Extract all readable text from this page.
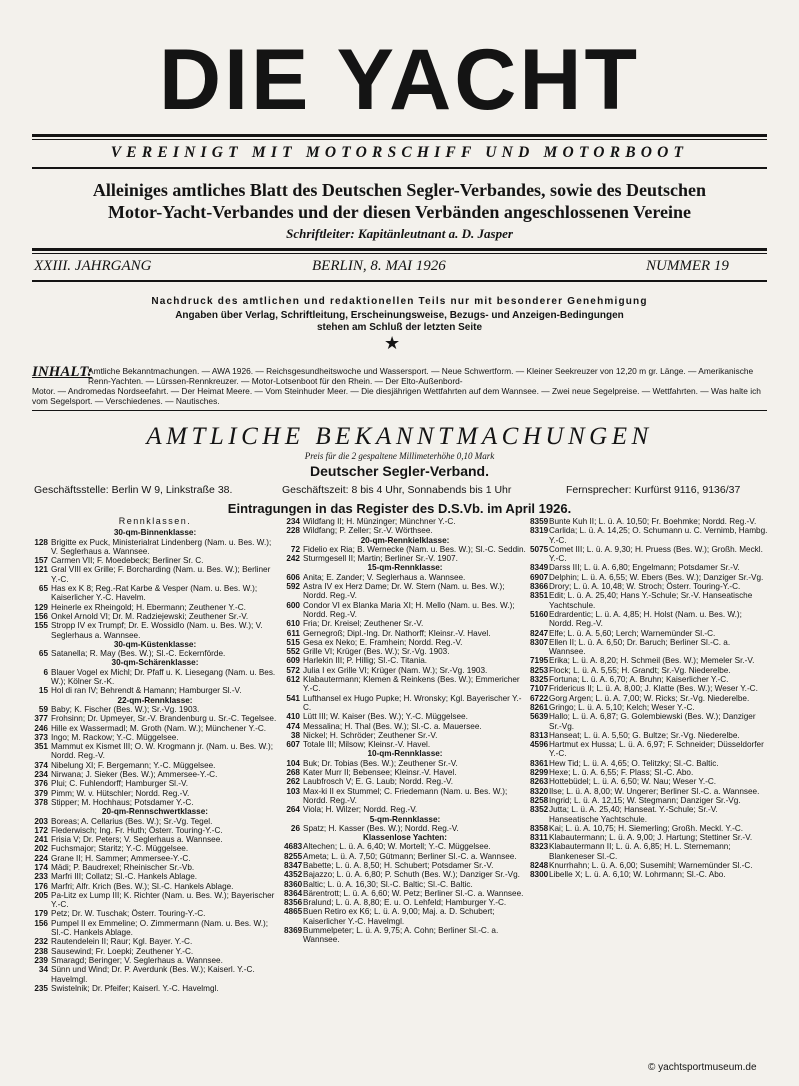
DIE YACHT
VEREINIGT MIT MOTORSCHIFF UND MOTORBOOT
Alleiniges amtliches Blatt des Deutschen Segler-Verbandes, sowie des Deutschen
Motor-Yacht-Verbandes und der diesen Verbänden angeschlossenen Vereine
Schriftleiter: Kapitänleutnant a. D. Jasper
XXIII. JAHRGANG	BERLIN, 8. MAI 1926	NUMMER 19
Nachdruck des amtlichen und redaktionellen Teils nur mit besonderer Genehmigung
Angaben über Verlag, Schriftleitung, Erscheinungsweise, Bezugs- und Anzeigen-Bedingungen
stehen am Schluß der letzten Seite
★
INHALT:
Amtliche Bekanntmachungen. — AWA 1926. — Reichsgesundheitswoche und Wassersport. — Neue Schwertform. — Kleiner Seekreuzer von 12,20 m gr. Länge. — Amerikanische Renn-Yachten. — Lürssen-Rennkreuzer. — Motor-Lotsenboot für den Rhein. — Der Elto-Außenbord-
Motor. — Andromedas Nordseefahrt. — Der Heimat Meere. — Vom Steinhuder Meer. — Die diesjährigen Wettfahrten auf dem Wannsee. — Zwei neue Segelpreise. — Wettfahrten. — Was halte ich vom Segelsport. — Verschiedenes. — Nautisches.
AMTLICHE BEKANNTMACHUNGEN
Preis für die 2 gespaltene Millimeterhöhe 0,10 Mark
Deutscher Segler-Verband.
Geschäftsstelle: Berlin W 9, Linkstraße 38.	Geschäftszeit: 8 bis 4 Uhr, Sonnabends bis 1 Uhr	Fernsprecher: Kurfürst 9116, 9136/37
Eintragungen in das Register des D.S.Vb. im April 1926.
Rennklassen.
30-qm-Binnenklasse:
128 Brigitte ex Puck, Ministerialrat Lindenberg (Nam. u. Bes. W.); V. Seglerhaus a. Wannsee.
157 Carmen VII; F. Moedebeck; Berliner Sr. C.
121 Gral VIII ex Grille; F. Borcharding (Nam. u. Bes. W.); Berliner Y.-C.
65 Has ex K 8; Reg.-Rat Karbe & Vesper (Nam. u. Bes. W.); Kaiserlicher Y.-C. Havelm.
129 Heinerle ex Rheingold; H. Ebermann; Zeuthener Y.-C.
156 Onkel Arnold VI; Dr. M. Radziejewski; Zeuthener Sr.-V.
155 Stropp IV ex Trumpf; Dr. E. Wossidlo (Nam. u. Bes. W.); V. Seglerhaus a. Wannsee.
30-qm-Küstenklasse:
65 Satanella; R. May (Bes. W.); Sl.-C. Eckernförde.
30-qm-Schärenklasse:
6 Blauer Vogel ex Michl; Dr. Pfaff u. K. Liesegang (Nam. u. Bes. W.); Kölner Sr.-K.
15 Hol di ran IV; Behrendt & Hamann; Hamburger Sl.-V.
22-qm-Rennklasse:
59 Baby; K. Fischer (Bes. W.); Sr.-Vg. 1903.
377 Frohsinn; Dr. Upmeyer, Sr.-V. Brandenburg u. Sr.-C. Tegelsee.
246 Hille ex Wassermadl; M. Groth (Nam. W.); Münchener Y.-C.
373 Ingo; M. Rackow; Y.-C. Müggelsee.
351 Mammut ex Kismet III; O. W. Krogmann jr. (Nam. u. Bes. W.); Nordd. Reg.-V.
374 Nibelung XI; F. Bergemann; Y.-C. Müggelsee.
234 Nirwana; J. Sieker (Bes. W.); Ammersee-Y.-C.
376 Plui; C. Fuhlendorff; Hamburger Sl.-V.
379 Pimm; W. v. Hütschler; Nordd. Reg.-V.
378 Stipper; M. Hochhaus; Potsdamer Y.-C.
20-qm-Rennschwertklasse:
203 Boreas; A. Cellarius (Bes. W.); Sr.-Vg. Tegel.
172 Flederwisch; Ing. Fr. Huth; Österr. Touring-Y.-C.
241 Frisia V; Dr. Peters; V. Seglerhaus a. Wannsee.
202 Fuchsmajor; Staritz; Y.-C. Müggelsee.
224 Grane II; H. Sammer; Ammersee-Y.-C.
174 Mädi; P. Baudrexel; Rheinischer Sr.-Vb.
233 Marfri III; Collatz; Sl.-C. Hankels Ablage.
176 Marfri; Alfr. Krich (Bes. W.); Sl.-C. Hankels Ablage.
205 Pa-Litz ex Lump III; K. Richter (Nam. u. Bes. W.); Bayerischer Y.-C.
179 Petz; Dr. W. Tuschak; Österr. Touring-Y.-C.
156 Pumpel II ex Emmeline; O. Zimmermann (Nam. u. Bes. W.); Sl.-C. Hankels Ablage.
232 Rautendelein II; Raur; Kgl. Bayer. Y.-C.
238 Sausewind; Fr. Loepki; Zeuthener Y.-C.
239 Smaragd; Beringer; V. Seglerhaus a. Wannsee.
34 Sünn und Wind; Dr. P. Averdunk (Bes. W.); Kaiserl. Y.-C. Havelmgl.
235 Swistelnik; Dr. Pfeifer; Kaiserl. Y.-C. Havelmgl.
234 Wildfang II; H. Münzinger; Münchner Y.-C.
228 Wildfang; P. Zeller; Sr.-V. Wörthsee.
20-qm-Rennkielklasse:
72 Fidelio ex Ria; B. Wernecke (Nam. u. Bes. W.); Sl.-C. Seddin.
242 Sturmgesell II; Martin; Berliner Sr.-V. 1907.
15-qm-Rennklasse:
606 Anita; E. Zander; V. Seglerhaus a. Wannsee.
592 Astra IV ex Herz Dame; Dr. W. Stern (Nam. u. Bes. W.); Nordd. Reg.-V.
600 Condor VI ex Blanka Maria XI; H. Mello (Nam. u. Bes. W.); Nordd. Reg.-V.
610 Fria; Dr. Kreisel; Zeuthener Sr.-V.
611 Gernegroß; Dipl.-Ing. Dr. Nathorff; Kleinsr.-V. Havel.
515 Gesa ex Neko; E. Framhein; Nordd. Reg.-V.
552 Grille VI; Krüger (Bes. W.); Sr.-Vg. 1903.
609 Harlekin III; P. Hillig; Sl.-C. Titania.
572 Julia I ex Grille VI; Krüger (Nam. W.); Sr.-Vg. 1903.
612 Klabautermann; Klemen & Reinkens (Bes. W.); Emmericher Y.-C.
541 Lufthansel ex Hugo Pupke; H. Wronsky; Kgl. Bayerischer Y.-C.
410 Lütt III; W. Kaiser (Bes. W.); Y.-C. Müggelsee.
474 Messalina; H. Thal (Bes. W.); Sl.-C. a. Mauersee.
38 Nickel; H. Schröder; Zeuthener Sr.-V.
607 Totale III; Milsow; Kleinsr.-V. Havel.
10-qm-Rennklasse:
104 Buk; Dr. Tobias (Bes. W.); Zeuthener Sr.-V.
268 Kater Murr II; Bebensee; Kleinsr.-V. Havel.
262 Laubfrosch V; E. G. Laub; Nordd. Reg.-V.
103 Max-ki II ex Stummel; C. Friedemann (Nam. u. Bes. W.); Nordd. Reg.-V.
264 Viola; H. Wilzer; Nordd. Reg.-V.
5-qm-Rennklasse:
26 Spatz; H. Kasser (Bes. W.); Nordd. Reg.-V.
Klassenlose Yachten:
4683 Altechen; L. ü. A. 6,40; W. Mortell; Y.-C. Müggelsee.
8255 Ameta; L. ü. A. 7,50; Gütmann; Berliner Sl.-C. a. Wannsee.
8347 Babette; L. ü. A. 8,50; H. Schubert; Potsdamer Sr.-V.
4352 Bajazzo; L. ü. A. 6,80; P. Schuth (Bes. W.); Danziger Sr.-Vg.
8360 Baltic; L. ü. A. 16,30; Sl.-C. Baltic; Sl.-C. Baltic.
8364 Bärentrott; L. ü. A. 6,60; W. Petz; Berliner Sl.-C. a. Wannsee.
8356 Bralund; L. ü. A. 8,80; E. u. O. Lehfeld; Hamburger Y.-C.
4865 Buen Retiro ex K6; L. ü. A. 9,00; Maj. a. D. Schubert; Kaiserlicher Y.-C. Havelmgl.
8369 Bummelpeter; L. ü. A. 9,75; A. Cohn; Berliner Sl.-C. a. Wannsee.
8359 Bunte Kuh II; L. ü. A. 10,50; Fr. Boehmke; Nordd. Reg.-V.
8319 Carlida; L. ü. A. 14,25; O. Schumann u. C. Vernimb, Hambg. Y.-C.
5075 Comet III; L. ü. A. 9,30; H. Pruess (Bes. W.); Großh. Meckl. Y.-C.
8349 Darss III; L. ü. A. 6,80; Engelmann; Potsdamer Sr.-V.
6907 Delphin; L. ü. A. 6,55; W. Ebers (Bes. W.); Danziger Sr.-Vg.
8366 Drory; L. ü. A. 10,48; W. Stroch; Österr. Touring-Y.-C.
8351 Edit; L. ü. A. 25,40; Hans Y.-Schule; Sr.-V. Hanseatische Yachtschule.
5160 Edrardentic; L. ü. A. 4,85; H. Holst (Nam. u. Bes. W.); Nordd. Reg.-V.
8247 Elfe; L. ü. A. 5,60; Lerch; Warnemünder Sl.-C.
8307 Ellen II; L. ü. A. 6,50; Dr. Baruch; Berliner Sl.-C. a. Wannsee.
7195 Erika; L. ü. A. 8,20; H. Schmeil (Bes. W.); Memeler Sr.-V.
8253 Flock; L. ü. A. 5,55; H. Grandt; Sr.-Vg. Niederelbe.
8325 Fortuna; L. ü. A. 6,70; A. Bruhn; Kaiserlicher Y.-C.
7107 Fridericus II; L. ü. A. 8,00; J. Klatte (Bes. W.); Weser Y.-C.
6722 Gorg Argen; L. ü. A. 7,00; W. Ricks; Sr.-Vg. Niederelbe.
8261 Gringo; L. ü. A. 5,10; Kelch; Weser Y.-C.
5639 Hallo; L. ü. A. 6,87; G. Golembiewski (Bes. W.); Danziger Sr.-Vg.
8313 Hanseat; L. ü. A. 5,50; G. Bultze; Sr.-Vg. Niederelbe.
4596 Hartmut ex Hussa; L. ü. A. 6,97; F. Schneider; Düsseldorfer Y.-C.
8361 Hew Tid; L. ü. A. 4,65; O. Telitzky; Sl.-C. Baltic.
8299 Hexe; L. ü. A. 6,55; F. Plass; Sl.-C. Abo.
8263 Hottebüdel; L. ü. A. 6,50; W. Nau; Weser Y.-C.
8320 Ilse; L. ü. A. 8,00; W. Ungerer; Berliner Sl.-C. a. Wannsee.
8258 Ingrid; L. ü. A. 12,15; W. Stegmann; Danziger Sr.-Vg.
8352 Jutta; L. ü. A. 25,40; Hanseat. Y.-Schule; Sr.-V. Hanseatische Yachtschule.
8358 Kai; L. ü. A. 10,75; H. Siemerling; Großh. Meckl. Y.-C.
8311 Klabautermann; L. ü. A. 9,00; J. Hartung; Stettiner Sr.-V.
8323 Klabautermann II; L. ü. A. 6,85; H. L. Sternemann; Blankeneser Sl.-C.
8248 Knurrhahn; L. ü. A. 6,00; Susemihl; Warnemünder Sl.-C.
8300 Libelle X; L. ü. A. 6,10; W. Lohrmann; Sl.-C. Abo.
© yachtsportmuseum.de
